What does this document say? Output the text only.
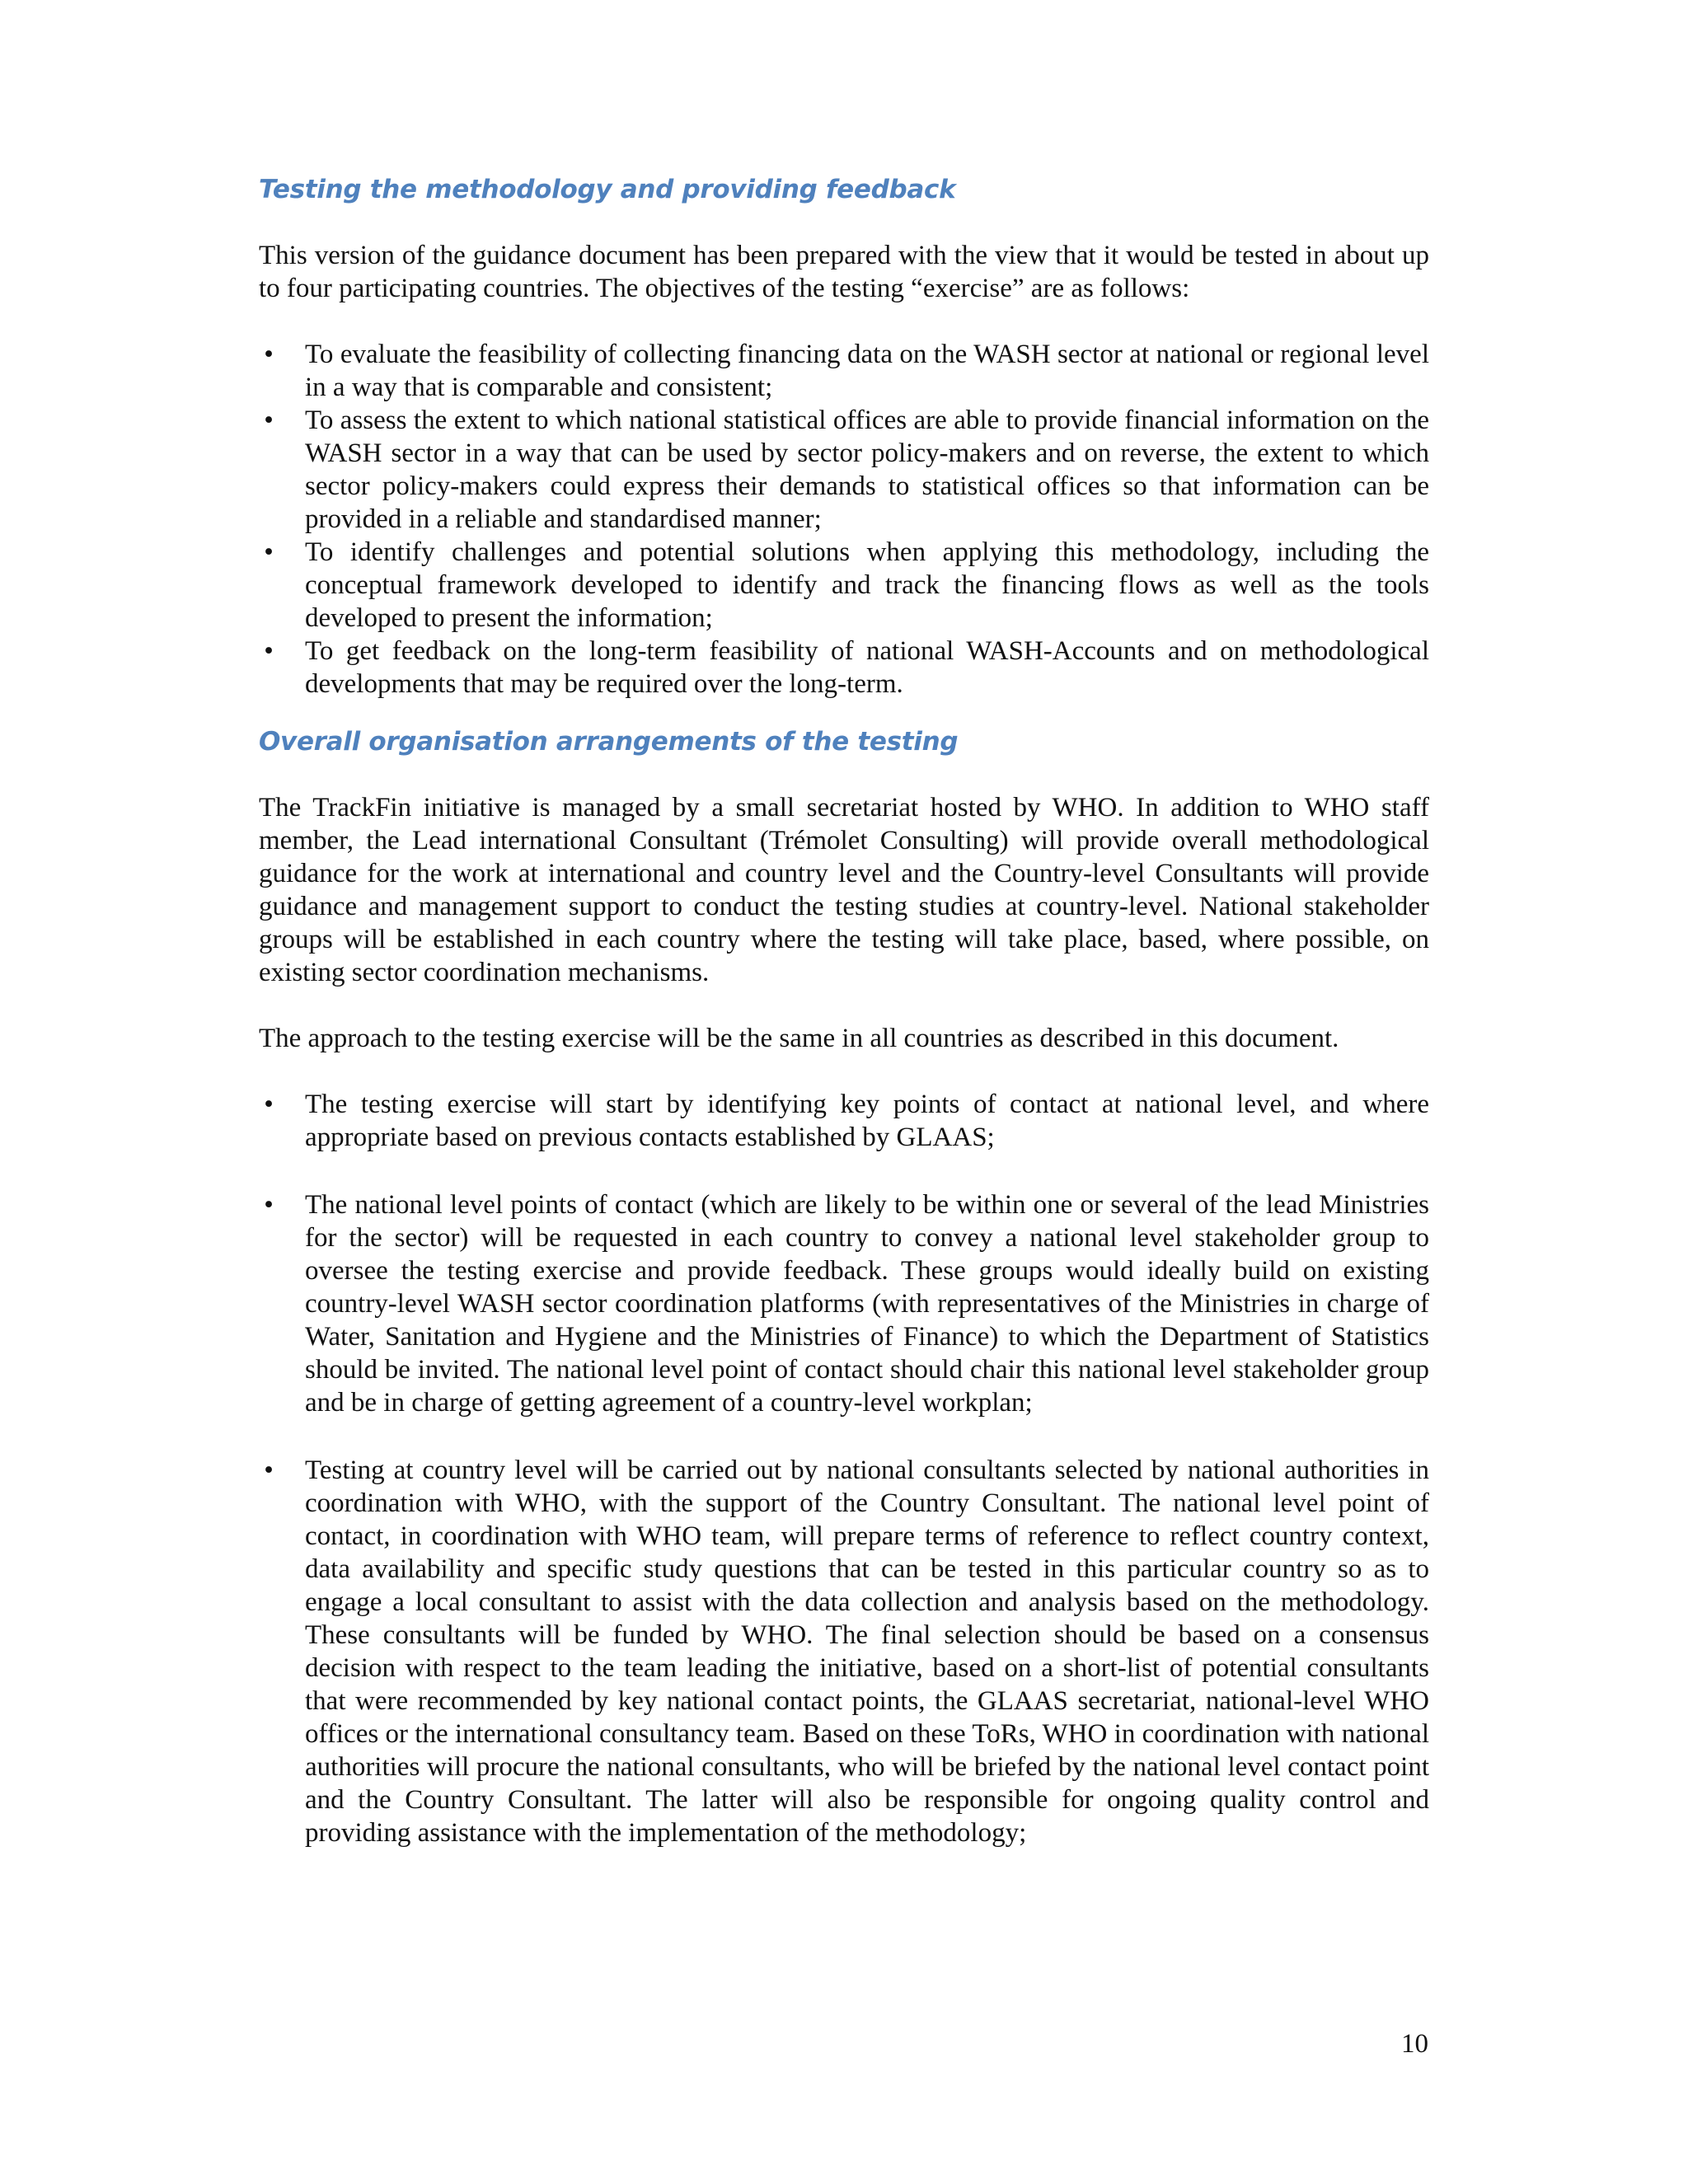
Testing the methodology and providing feedback

This version of the guidance document has been prepared with the view that it would be tested in about up to four participating countries. The objectives of the testing “exercise” are as follows:

• To evaluate the feasibility of collecting financing data on the WASH sector at national or regional level in a way that is comparable and consistent;
• To assess the extent to which national statistical offices are able to provide financial information on the WASH sector in a way that can be used by sector policy-makers and on reverse, the extent to which sector policy-makers could express their demands to statistical offices so that information can be provided in a reliable and standardised manner;
• To identify challenges and potential solutions when applying this methodology, including the conceptual framework developed to identify and track the financing flows as well as the tools developed to present the information;
• To get feedback on the long-term feasibility of national WASH-Accounts and on methodological developments that may be required over the long-term.
Overall organisation arrangements of the testing

The TrackFin initiative is managed by a small secretariat hosted by WHO. In addition to WHO staff member, the Lead international Consultant (Trémolet Consulting) will provide overall methodological guidance for the work at international and country level and the Country-level Consultants will provide guidance and management support to conduct the testing studies at country-level. National stakeholder groups will be established in each country where the testing will take place, based, where possible, on existing sector coordination mechanisms.

The approach to the testing exercise will be the same in all countries as described in this document.

• The testing exercise will start by identifying key points of contact at national level, and where appropriate based on previous contacts established by GLAAS;
• The national level points of contact (which are likely to be within one or several of the lead Ministries for the sector) will be requested in each country to convey a national level stakeholder group to oversee the testing exercise and provide feedback. These groups would ideally build on existing country-level WASH sector coordination platforms (with representatives of the Ministries in charge of Water, Sanitation and Hygiene and the Ministries of Finance) to which the Department of Statistics should be invited. The national level point of contact should chair this national level stakeholder group and be in charge of getting agreement of a country-level workplan;
• Testing at country level will be carried out by national consultants selected by national authorities in coordination with WHO, with the support of the Country Consultant. The national level point of contact, in coordination with WHO team, will prepare terms of reference to reflect country context, data availability and specific study questions that can be tested in this particular country so as to engage a local consultant to assist with the data collection and analysis based on the methodology. These consultants will be funded by WHO. The final selection should be based on a consensus decision with respect to the team leading the initiative, based on a short-list of potential consultants that were recommended by key national contact points, the GLAAS secretariat, national-level WHO offices or the international consultancy team. Based on these ToRs, WHO in coordination with national authorities will procure the national consultants, who will be briefed by the national level contact point and the Country Consultant. The latter will also be responsible for ongoing quality control and providing assistance with the implementation of the methodology;
10
